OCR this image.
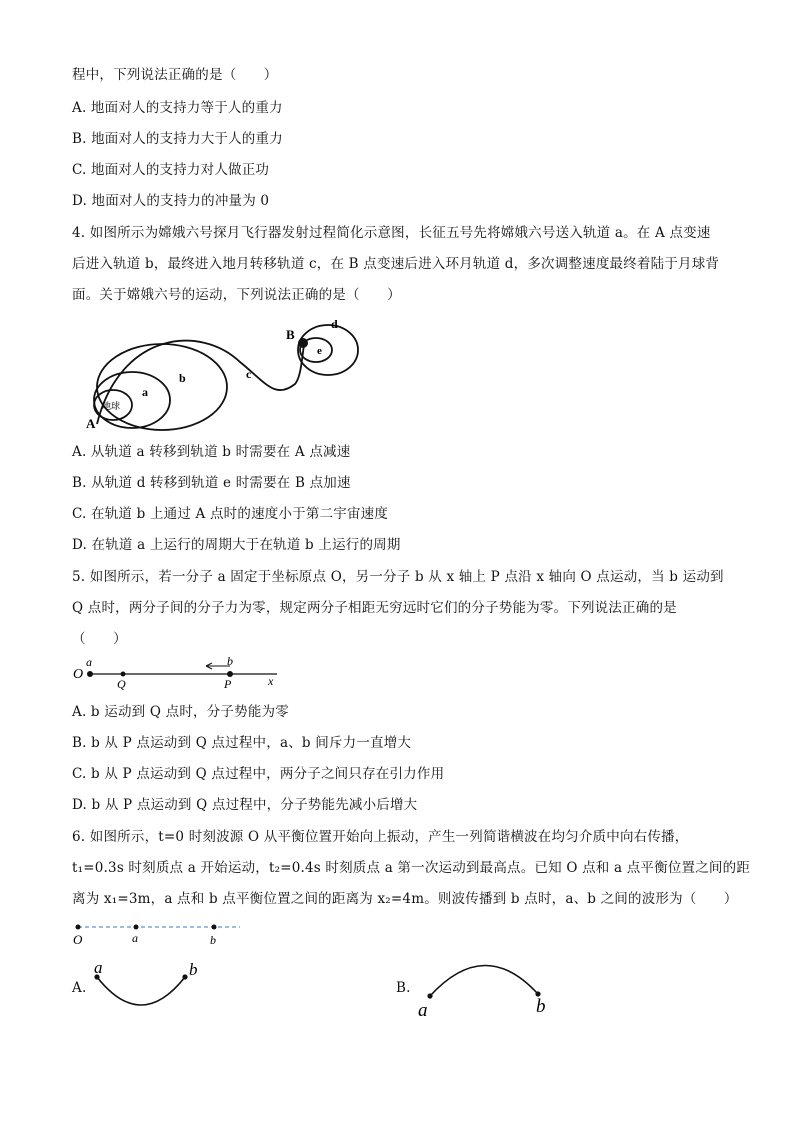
程中，下列说法正确的是（　　）
A. 地面对人的支持力等于人的重力
B. 地面对人的支持力大于人的重力
C. 地面对人的支持力对人做正功
D. 地面对人的支持力的冲量为 0
4. 如图所示为嫦娥六号探月飞行器发射过程简化示意图，长征五号先将嫦娥六号送入轨道 a。在 A 点变速
后进入轨道 b，最终进入地月转移轨道 c，在 B 点变速后进入环月轨道 d，多次调整速度最终着陆于月球背
面。关于嫦娥六号的运动，下列说法正确的是（　　）
地球
A
B
a
b	c
d
e
A. 从轨道 a 转移到轨道 b 时需要在 A 点减速
B. 从轨道 d 转移到轨道 e 时需要在 B 点加速
C. 在轨道 b 上通过 A 点时的速度小于第二宇宙速度
D. 在轨道 a 上运行的周期大于在轨道 b 上运行的周期
5. 如图所示，若一分子 a 固定于坐标原点 O，另一分子 b 从 x 轴上 P 点沿 x 轴向 O 点运动，当 b 运动到
Q 点时，两分子间的分子力为零，规定两分子相距无穷远时它们的分子势能为零。下列说法正确的是
（　　）
O
a
Q
b
P	x
A. b 运动到 Q 点时，分子势能为零
B. b 从 P 点运动到 Q 点过程中，a、b 间斥力一直增大
C. b 从 P 点运动到 Q 点过程中，两分子之间只存在引力作用
D. b 从 P 点运动到 Q 点过程中，分子势能先减小后增大
6. 如图所示，t=0 时刻波源 O 从平衡位置开始向上振动，产生一列简谐横波在均匀介质中向右传播，
t₁=0.3s 时刻质点 a 开始运动，t₂=0.4s 时刻质点 a 第一次运动到最高点。已知 O 点和 a 点平衡位置之间的距
离为 x₁=3m，a 点和 b 点平衡位置之间的距离为 x₂=4m。则波传播到 b 点时，a、b 之间的波形为（　　）
O	a	b
A.
a	b
B.
a	b
